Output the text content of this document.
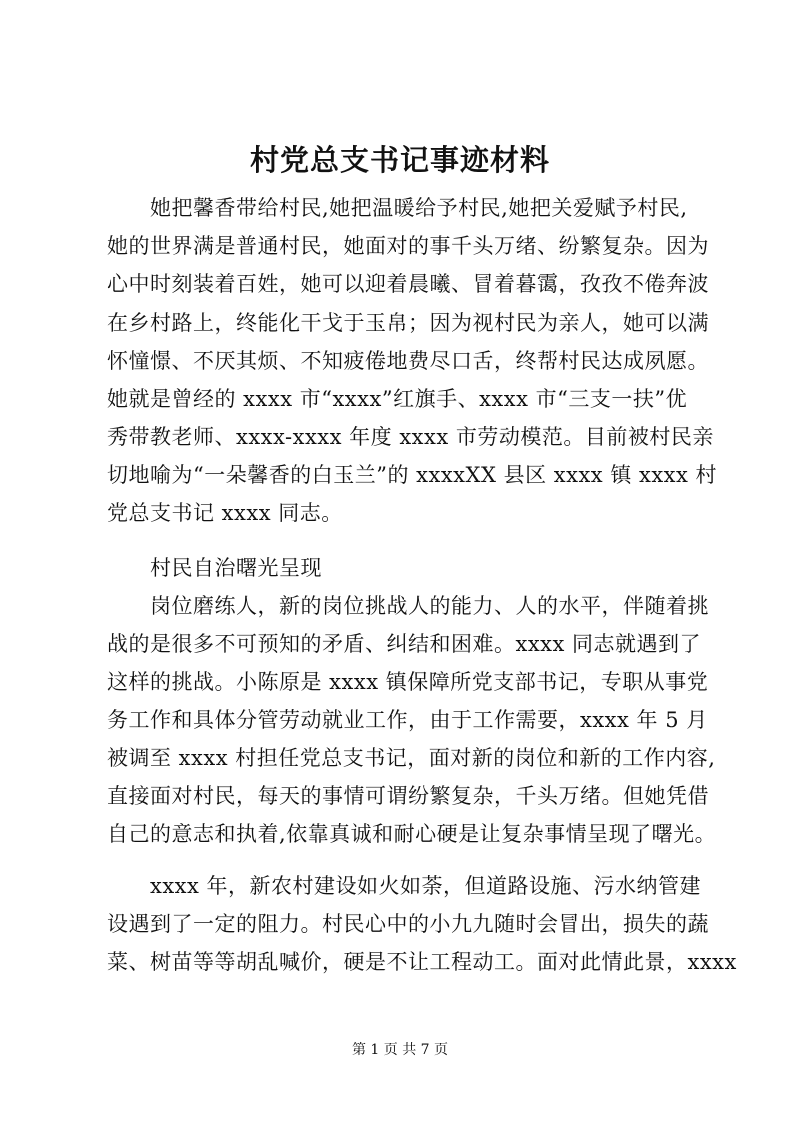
村党总支书记事迹材料
　　她把馨香带给村民,她把温暖给予村民,她把关爱赋予村民,
她的世界满是普通村民，她面对的事千头万绪、纷繁复杂。因为
心中时刻装着百姓，她可以迎着晨曦、冒着暮霭，孜孜不倦奔波
在乡村路上，终能化干戈于玉帛；因为视村民为亲人，她可以满
怀憧憬、不厌其烦、不知疲倦地费尽口舌，终帮村民达成夙愿。
她就是曾经的 xxxx 市“xxxx”红旗手、xxxx 市“三支一扶”优
秀带教老师、xxxx-xxxx 年度 xxxx 市劳动模范。目前被村民亲
切地喻为“一朵馨香的白玉兰”的 xxxxXX 县区 xxxx 镇 xxxx 村
党总支书记 xxxx 同志。
　　村民自治曙光呈现
　　岗位磨练人，新的岗位挑战人的能力、人的水平，伴随着挑
战的是很多不可预知的矛盾、纠结和困难。xxxx 同志就遇到了
这样的挑战。小陈原是 xxxx 镇保障所党支部书记，专职从事党
务工作和具体分管劳动就业工作，由于工作需要，xxxx 年 5 月
被调至 xxxx 村担任党总支书记，面对新的岗位和新的工作内容,
直接面对村民，每天的事情可谓纷繁复杂，千头万绪。但她凭借
自己的意志和执着,依靠真诚和耐心硬是让复杂事情呈现了曙光。
　　xxxx 年，新农村建设如火如荼，但道路设施、污水纳管建
设遇到了一定的阻力。村民心中的小九九随时会冒出，损失的蔬
菜、树苗等等胡乱喊价，硬是不让工程动工。面对此情此景，xxxx
第 1 页 共 7 页
